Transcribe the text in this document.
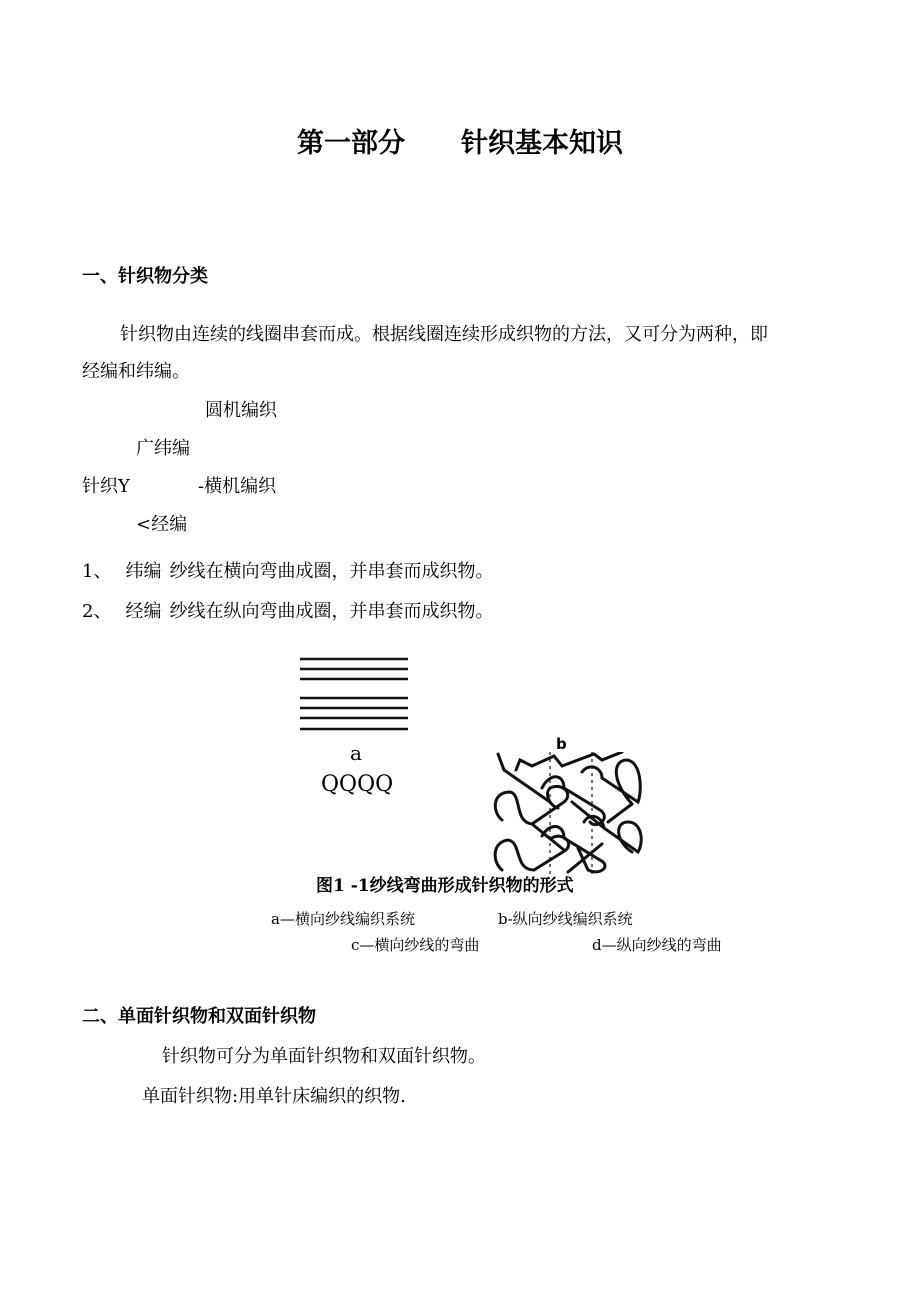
第一部分 针织基本知识
一、针织物分类
针织物由连续的线圈串套而成。根据线圈连续形成织物的方法，又可分为两种，即
经编和纬编。
圆机编织
广纬编
针织Y	-横机编织
<经编
1、 纬编 纱线在横向弯曲成圈，并串套而成织物。
2、 经编 纱线在纵向弯曲成圈，并串套而成织物。
a
QQQQ
b
图1 -1纱线弯曲形成针织物的形式
a—横向纱线编织系统	b-纵向纱线编织系统
c—横向纱线的弯曲	d—纵向纱线的弯曲
二、单面针织物和双面针织物
针织物可分为单面针织物和双面针织物。
单面针织物:用单针床编织的织物.
